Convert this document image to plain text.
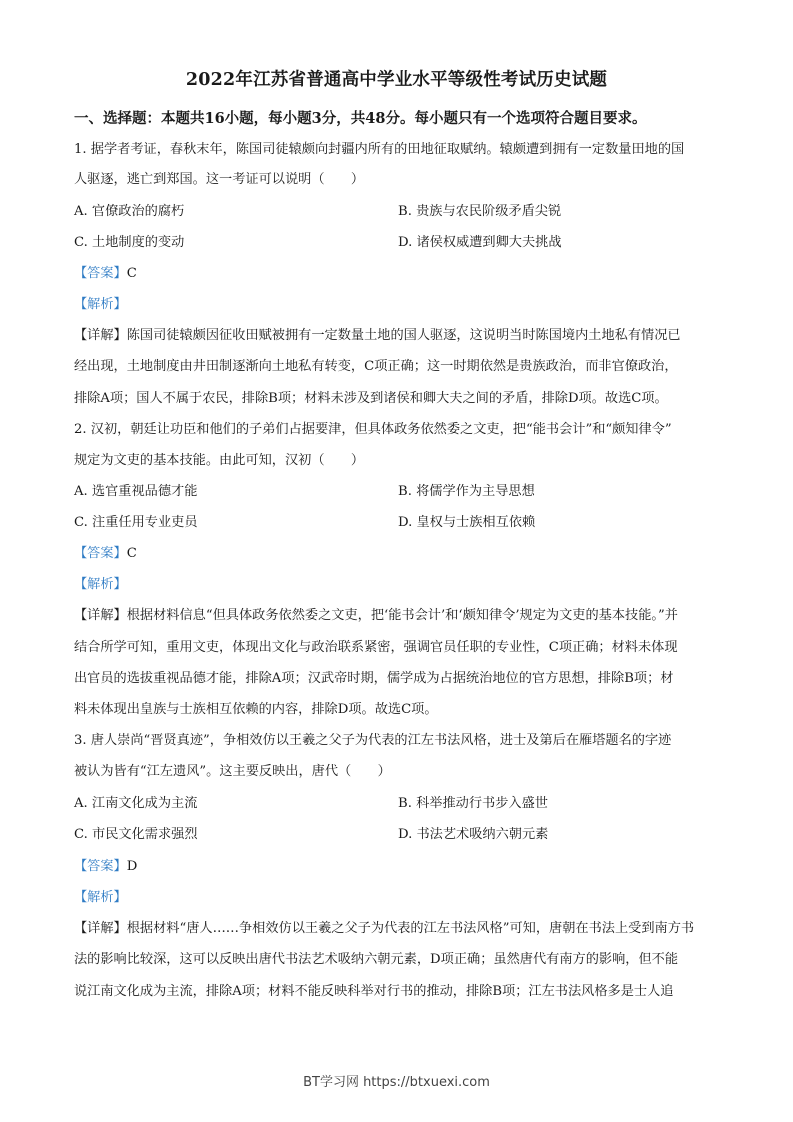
2022年江苏省普通高中学业水平等级性考试历史试题
一、选择题：本题共16小题，每小题3分，共48分。每小题只有一个选项符合题目要求。
1. 据学者考证，春秋末年，陈国司徒辕颇向封疆内所有的田地征取赋纳。辕颇遭到拥有一定数量田地的国
人驱逐，逃亡到郑国。这一考证可以说明（　　）
A. 官僚政治的腐朽	B. 贵族与农民阶级矛盾尖锐
C. 土地制度的变动	D. 诸侯权威遭到卿大夫挑战
【答案】C
【解析】
【详解】陈国司徒辕颇因征收田赋被拥有一定数量土地的国人驱逐，这说明当时陈国境内土地私有情况已
经出现，土地制度由井田制逐渐向土地私有转变，C项正确；这一时期依然是贵族政治，而非官僚政治，
排除A项；国人不属于农民，排除B项；材料未涉及到诸侯和卿大夫之间的矛盾，排除D项。故选C项。
2. 汉初，朝廷让功臣和他们的子弟们占据要津，但具体政务依然委之文吏，把“能书会计”和“颇知律令”
规定为文吏的基本技能。由此可知，汉初（　　）
A. 选官重视品德才能	B. 将儒学作为主导思想
C. 注重任用专业吏员	D. 皇权与士族相互依赖
【答案】C
【解析】
【详解】根据材料信息“但具体政务依然委之文吏，把‘能书会计’和‘颇知律令’规定为文吏的基本技能。”并
结合所学可知，重用文吏，体现出文化与政治联系紧密，强调官员任职的专业性，C项正确；材料未体现
出官员的选拔重视品德才能，排除A项；汉武帝时期，儒学成为占据统治地位的官方思想，排除B项；材
料未体现出皇族与士族相互依赖的内容，排除D项。故选C项。
3. 唐人崇尚“晋贤真迹”，争相效仿以王羲之父子为代表的江左书法风格，进士及第后在雁塔题名的字迹
被认为皆有“江左遗风”。这主要反映出，唐代（　　）
A. 江南文化成为主流	B. 科举推动行书步入盛世
C. 市民文化需求强烈	D. 书法艺术吸纳六朝元素
【答案】D
【解析】
【详解】根据材料“唐人……争相效仿以王羲之父子为代表的江左书法风格”可知，唐朝在书法上受到南方书
法的影响比较深，这可以反映出唐代书法艺术吸纳六朝元素，D项正确；虽然唐代有南方的影响，但不能
说江南文化成为主流，排除A项；材料不能反映科举对行书的推动，排除B项；江左书法风格多是士人追
BT学习网 https://btxuexi.com
